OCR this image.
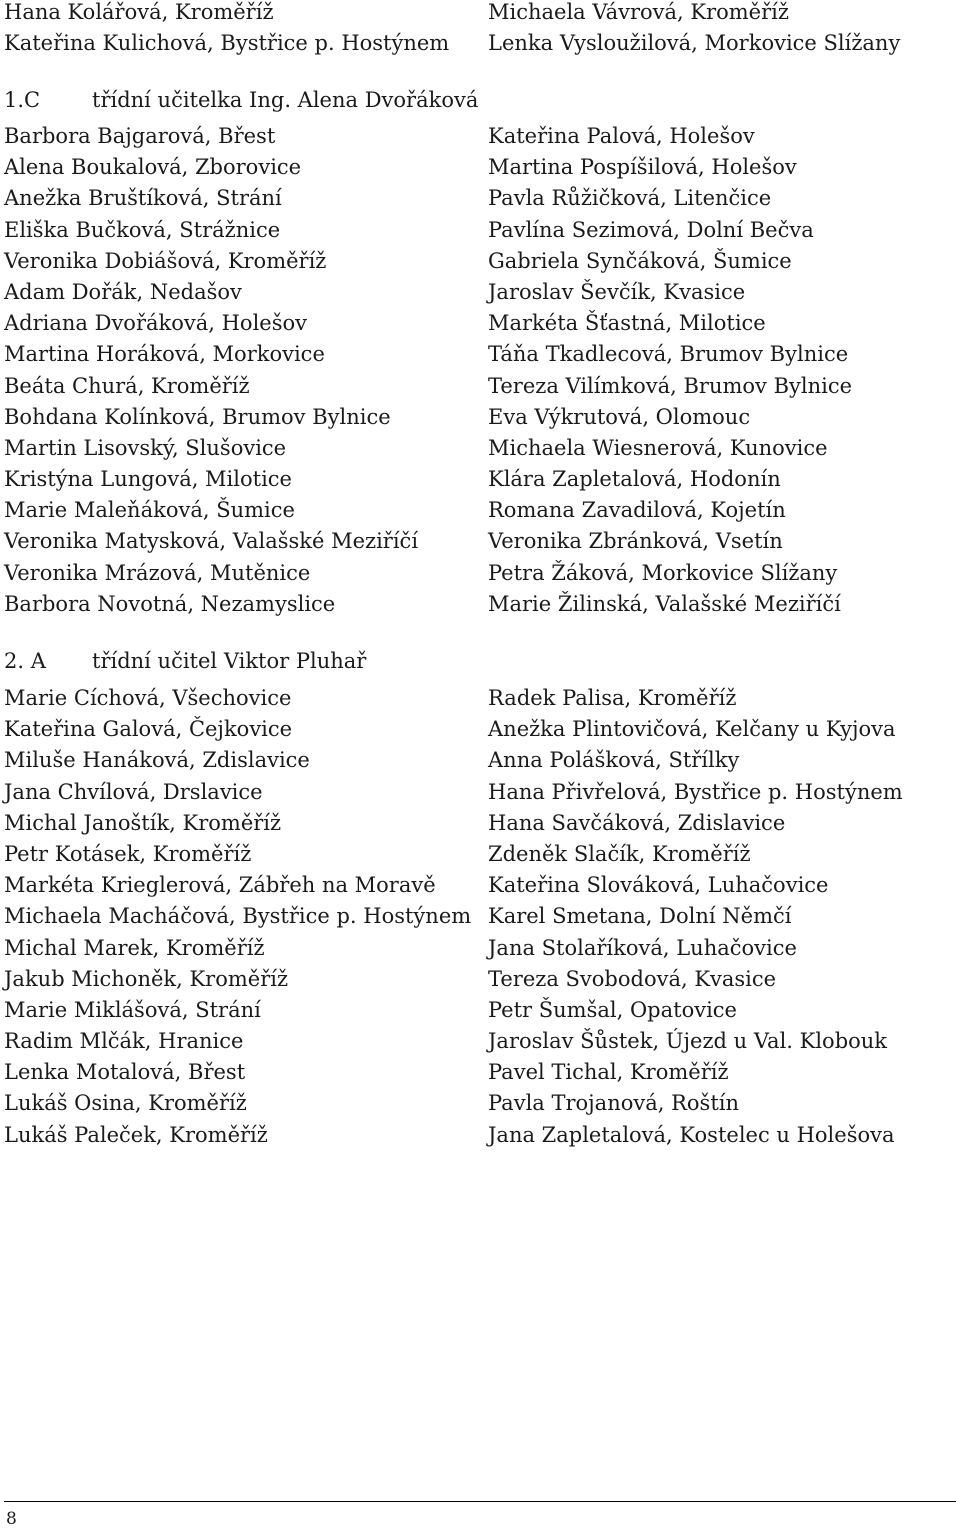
Hana Kolářová, Kroměříž
Kateřina Kulichová, Bystřice p. Hostýnem
Michaela Vávrová, Kroměříž
Lenka Vysloužilová, Morkovice Slížany
1.C třídní učitelka Ing. Alena Dvořáková
Barbora Bajgarová, Břest
Alena Boukalová, Zborovice
Anežka Bruštíková, Strání
Eliška Bučková, Strážnice
Veronika Dobiášová, Kroměříž
Adam Dořák, Nedašov
Adriana Dvořáková, Holešov
Martina Horáková, Morkovice
Beáta Churá, Kroměříž
Bohdana Kolínková, Brumov Bylnice
Martin Lisovský, Slušovice
Kristýna Lungová, Milotice
Marie Maleňáková, Šumice
Veronika Matysková, Valašské Meziříčí
Veronika Mrázová, Mutěnice
Barbora Novotná, Nezamyslice
Kateřina Palová, Holešov
Martina Pospíšilová, Holešov
Pavla Růžičková, Litenčice
Pavlína Sezimová, Dolní Bečva
Gabriela Synčáková, Šumice
Jaroslav Ševčík, Kvasice
Markéta Šťastná, Milotice
Táňa Tkadlecová, Brumov Bylnice
Tereza Vilímková, Brumov Bylnice
Eva Výkrutová, Olomouc
Michaela Wiesnerová, Kunovice
Klára Zapletalová, Hodonín
Romana Zavadilová, Kojetín
Veronika Zbránková, Vsetín
Petra Žáková, Morkovice Slížany
Marie Žilinská, Valašské Meziříčí
2. A třídní učitel Viktor Pluhař
Marie Cíchová, Všechovice
Kateřina Galová, Čejkovice
Miluše Hanáková, Zdislavice
Jana Chvílová, Drslavice
Michal Janoštík, Kroměříž
Petr Kotásek, Kroměříž
Markéta Krieglerová, Zábřeh na Moravě
Michaela Macháčová, Bystřice p. Hostýnem
Michal Marek, Kroměříž
Jakub Michoněk, Kroměříž
Marie Miklášová, Strání
Radim Mlčák, Hranice
Lenka Motalová, Břest
Lukáš Osina, Kroměříž
Lukáš Paleček, Kroměříž
Radek Palisa, Kroměříž
Anežka Plintovičová, Kelčany u Kyjova
Anna Polášková, Střílky
Hana Přivřelová, Bystřice p. Hostýnem
Hana Savčáková, Zdislavice
Zdeněk Slačík, Kroměříž
Kateřina Slováková, Luhačovice
Karel Smetana, Dolní Němčí
Jana Stolaříková, Luhačovice
Tereza Svobodová, Kvasice
Petr Šumšal, Opatovice
Jaroslav Šůstek, Újezd u Val. Klobouk
Pavel Tichal, Kroměříž
Pavla Trojanová, Roštín
Jana Zapletalová, Kostelec u Holešova
8
